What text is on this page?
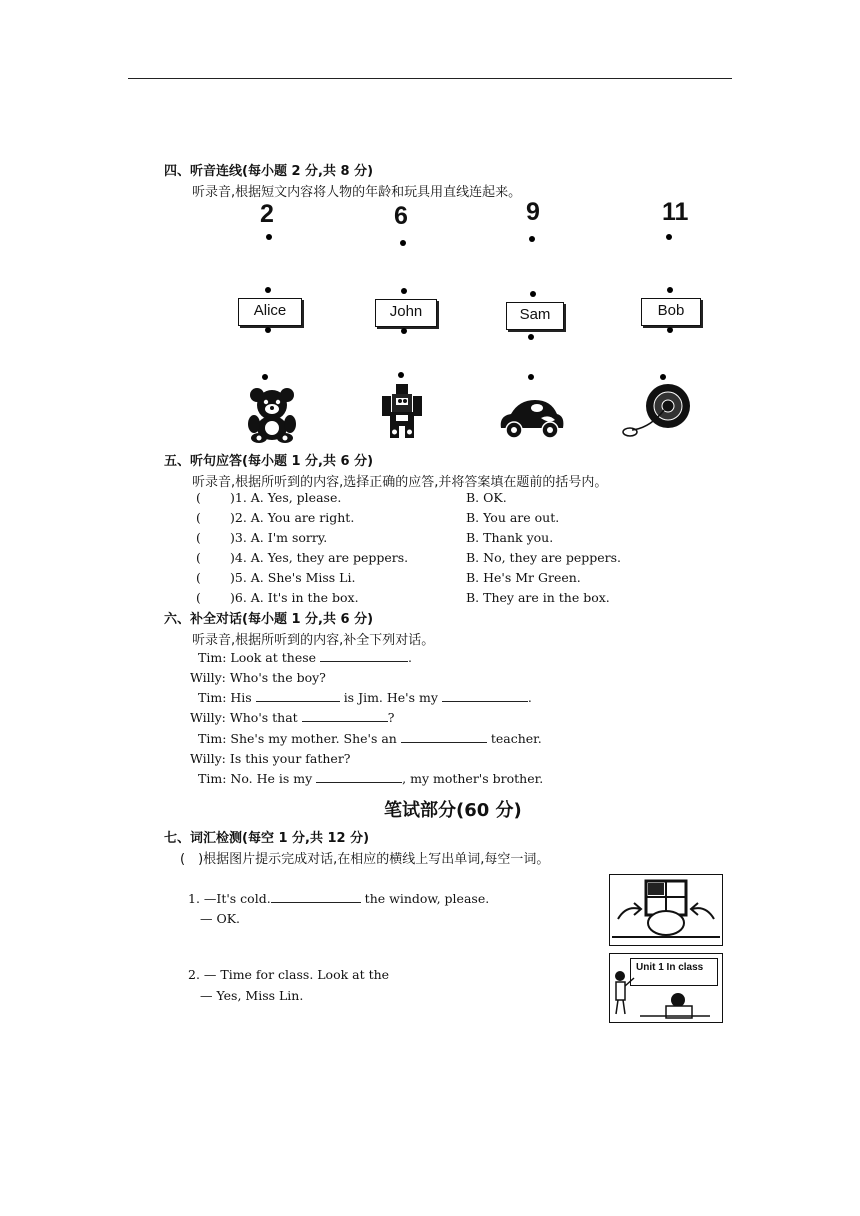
四、听音连线(每小题 2 分,共 8 分)
听录音,根据短文内容将人物的年龄和玩具用直线连起来。
2	6	9	11
Alice	John	Sam	Bob
五、听句应答(每小题 1 分,共 6 分)
听录音,根据所听到的内容,选择正确的应答,并将答案填在题前的括号内。
( )1. A. Yes, please.	B. OK.
( )2. A. You are right.	B. You are out.
( )3. A. I'm sorry.	B. Thank you.
( )4. A. Yes, they are peppers.	B. No, they are peppers.
( )5. A. She's Miss Li.	B. He's Mr Green.
( )6. A. It's in the box.	B. They are in the box.
六、补全对话(每小题 1 分,共 6 分)
听录音,根据所听到的内容,补全下列对话。
Tim: Look at these	.
Willy: Who's the boy?
Tim: His	is Jim. He's my	.
Willy: Who's that	?
Tim: She's my mother. She's an	teacher.
Willy: Is this your father?
Tim: No. He is my	, my mother's brother.
笔试部分(60 分)
七、词汇检测(每空 1 分,共 12 分)
(　)根据图片提示完成对话,在相应的横线上写出单词,每空一词。
1. —It's cold.	the window, please.
— OK.
2. — Time for class. Look at the
— Yes, Miss Lin.
Unit 1 In class
